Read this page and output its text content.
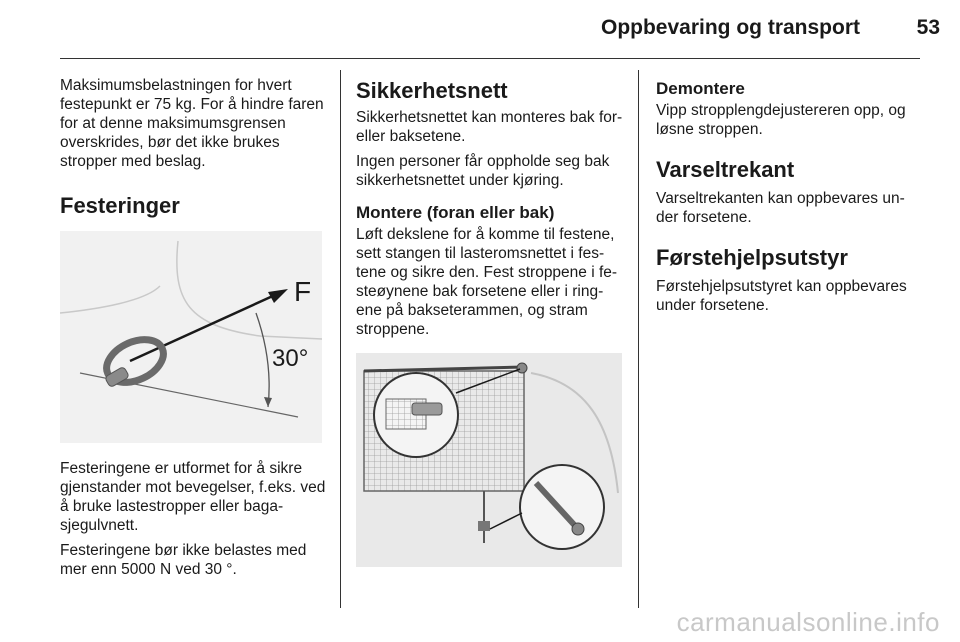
Oppbevaring og transport	53

Maksimumsbelastningen for hvert festepunkt er 75 kg. For å hindre faren for at denne maksimumsgrensen overskrides, bør det ikke brukes stropper med beslag.

Festeringer
F
30°

Festeringene er utformet for å sikre gjenstander mot bevegelser, f.eks. ved å bruke lastestropper eller baga- sjegulvnett.

Festeringene bør ikke belastes med mer enn 5000 N ved 30 °.

Sikkerhetsnett

Sikkerhetsnettet kan monteres bak for- eller baksetene.

Ingen personer får oppholde seg bak sikkerhetsnettet under kjøring.

Montere (foran eller bak)

Løft dekslene for å komme til festene, sett stangen til lasteromsnettet i fes- tene og sikre den. Fest stroppene i fe- steøynene bak forsetene eller i ring- ene på bakseterammen, og stram stroppene.

Demontere

Vipp stropplengdejustereren opp, og løsne stroppen.

Varseltrekant

Varseltrekanten kan oppbevares un- der forsetene.

Førstehjelpsutstyr

Førstehjelpsutstyret kan oppbevares under forsetene.

carmanualsonline.info
